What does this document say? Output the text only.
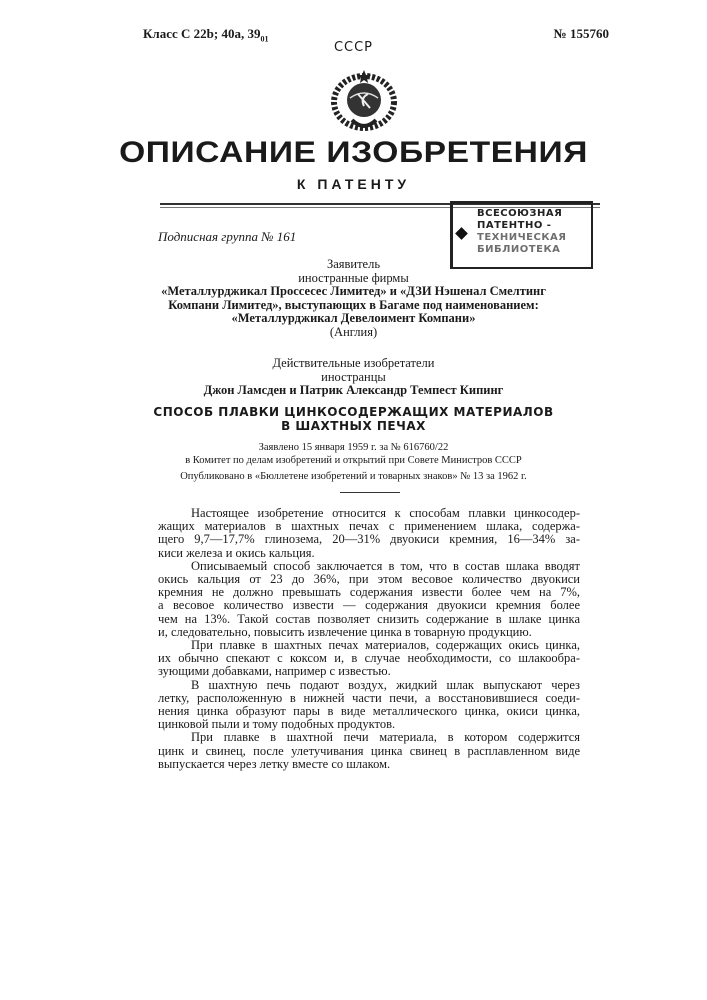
Класс С 22b; 40а, 3901	№ 155760
СССР
ОПИСАНИЕ ИЗОБРЕТЕНИЯ
К ПАТЕНТУ
ВСЕСОЮЗНАЯ
ПАТЕНТНО -
ТЕХНИЧЕСКАЯ
БИБЛИОТЕКА
Подписная группа № 161
Заявитель
иностранные фирмы
«Металлурджикал Проссесес Лимитед» и «ДЗИ Нэшенал Смелтинг
Компани Лимитед», выступающих в Багаме под наименованием:
«Металлурджикал Девелоимент Компани»
(Англия)
Действительные изобретатели
иностранцы
Джон Ламсден и Патрик Александр Темпест Кипинг
СПОСОБ ПЛАВКИ ЦИНКОСОДЕРЖАЩИХ МАТЕРИАЛОВ
В ШАХТНЫХ ПЕЧАХ
Заявлено 15 января 1959 г. за № 616760/22
в Комитет по делам изобретений и открытий при Совете Министров СССР
Опубликовано в «Бюллетене изобретений и товарных знаков» № 13 за 1962 г.
Настоящее изобретение относится к способам плавки цинкосодер-
жащих материалов в шахтных печах с применением шлака, содержа-
щего 9,7—17,7% глинозема, 20—31% двуокиси кремния, 16—34% за-
киси железа и окись кальция.
Описываемый способ заключается в том, что в состав шлака вводят
окись кальция от 23 до 36%, при этом весовое количество двуокиси
кремния не должно превышать содержания извести более чем на 7%,
а весовое количество извести — содержания двуокиси кремния более
чем на 13%. Такой состав позволяет снизить содержание в шлаке цинка
и, следовательно, повысить извлечение цинка в товарную продукцию.
При плавке в шахтных печах материалов, содержащих окись цинка,
их обычно спекают с коксом и, в случае необходимости, со шлакообра-
зующими добавками, например с известью.
В шахтную печь подают воздух, жидкий шлак выпускают через
летку, расположенную в нижней части печи, а восстановившиеся соеди-
нения цинка образуют пары в виде металлического цинка, окиси цинка,
цинковой пыли и тому подобных продуктов.
При плавке в шахтной печи материала, в котором содержится
цинк и свинец, после улетучивания цинка свинец в расплавленном виде
выпускается через летку вместе со шлаком.
